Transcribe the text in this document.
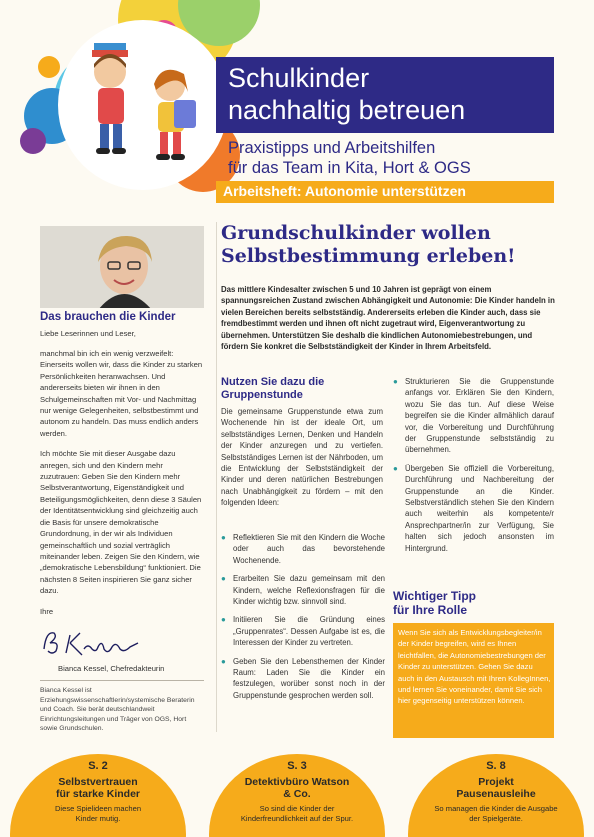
Schulkinder
nachhaltig betreuen
Praxistipps und Arbeitshilfen
für das Team in Kita, Hort & OGS
Arbeitsheft: Autonomie unterstützen
Das brauchen die Kinder
Liebe Leserinnen und Leser,

manchmal bin ich ein wenig verzweifelt: Einerseits wollen wir, dass die Kinder zu starken Persönlichkeiten heranwachsen. Und andererseits bieten wir ihnen in den Schulgemeinschaften mit Vor- und Nachmittag nur wenige Gelegenheiten, selbstbestimmt und autonom zu handeln. Das muss endlich anders werden.

Ich möchte Sie mit dieser Ausgabe dazu anregen, sich und den Kindern mehr zuzutrauen: Geben Sie den Kindern mehr Selbstverantwortung, Eigenständigkeit und Beteiligungsmöglichkeiten, denn diese 3 Säulen der Identitätsentwicklung sind gleichzeitig auch die Basis für unsere demokratische Grundordnung, in der wir als Individuen gemeinschaftlich und sozial verträglich miteinander leben. Zeigen Sie den Kindern, wie „demokratische Lebensbildung“ funktioniert. Die nächsten 8 Seiten inspirieren Sie ganz sicher dazu.

Ihre

Bianca Kessel, Chefredakteurin
Bianca Kessel ist Erziehungswissenschaftlerin/systemische Beraterin und Coach. Sie berät deutschlandweit Einrichtungsleitungen und Träger von OGS, Hort sowie Grundschulen.
Grundschulkinder wollen
Selbstbestimmung erleben!
Das mittlere Kindesalter zwischen 5 und 10 Jahren ist geprägt von einem spannungsreichen Zustand zwischen Abhängigkeit und Autonomie: Die Kinder handeln in vielen Bereichen bereits selbstständig. Andererseits erleben die Kinder auch, dass sie fremdbestimmt werden und ihnen oft nicht zugetraut wird, Eigenverantwortung zu übernehmen. Unterstützen Sie deshalb die kindlichen Autonomiebestrebungen, und fördern Sie konkret die Selbstständigkeit der Kinder in Ihrem Arbeitsfeld.
Nutzen Sie dazu die
Gruppenstunde
Die gemeinsame Gruppenstunde etwa zum Wochenende hin ist der ideale Ort, um selbstständiges Lernen, Denken und Handeln der Kinder anzuregen und zu vertiefen. Selbstständiges Lernen ist der Nährboden, um die Entwicklung der Selbstständigkeit der Kinder und deren natürlichen Bestrebungen nach Unabhängigkeit zu fördern – mit den folgenden Ideen:
● Reflektieren Sie mit den Kindern die Woche oder auch das bevorstehende Wochenende.
● Erarbeiten Sie dazu gemeinsam mit den Kindern, welche Reflexionsfragen für die Kinder wichtig bzw. sinnvoll sind.
● Initiieren Sie die Gründung eines „Gruppenrates“. Dessen Aufgabe ist es, die Interessen der Kinder zu vertreten.
● Geben Sie den Lebensthemen der Kinder Raum: Laden Sie die Kinder ein festzulegen, worüber sonst noch in der Gruppenstunde gesprochen werden soll.
● Strukturieren Sie die Gruppenstunde anfangs vor. Erklären Sie den Kindern, wozu Sie das tun. Auf diese Weise begreifen sie die Kinder allmählich darauf vor, die Vorbereitung und Durchführung der Gruppenstunde selbstständig zu übernehmen.
● Übergeben Sie offiziell die Vorbereitung, Durchführung und Nachbereitung der Gruppenstunde an die Kinder. Selbstverständlich stehen Sie den Kindern auch weiterhin als kompetente/r Ansprechpartner/in zur Verfügung, Sie halten sich jedoch ansonsten im Hintergrund.
Wichtiger Tipp
für Ihre Rolle
Wenn Sie sich als Entwicklungsbegleiter/in der Kinder begreifen, wird es Ihnen leichtfallen, die Autonomiebestrebungen der Kinder zu unterstützen. Gehen Sie dazu auch in den Austausch mit Ihren KollegInnen, und lernen Sie voneinander, damit Sie sich hier gegenseitig unterstützen können.
S. 2
Selbstvertrauen
für starke Kinder
Diese Spielideen machen
Kinder mutig.
S. 3
Detektivbüro Watson
& Co.
So sind die Kinder der
Kinderfreundlichkeit auf der Spur.
S. 8
Projekt
Pausenausleihe
So managen die Kinder die Ausgabe
der Spielgeräte.
